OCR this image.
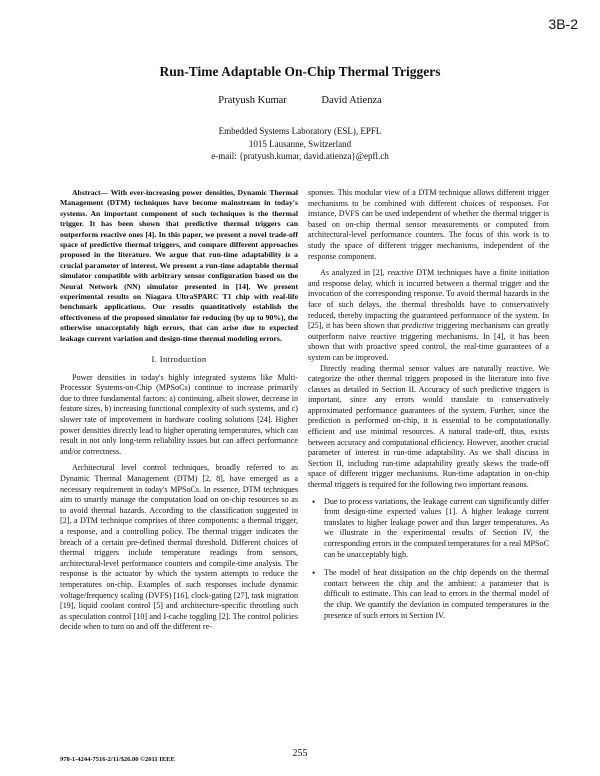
3B-2
Run-Time Adaptable On-Chip Thermal Triggers
Pratyush Kumar	David Atienza
Embedded Systems Laboratory (ESL), EPFL
1015 Lausanne, Switzerland
e-mail: {pratyush.kumar, david.atienza}@epfl.ch

Abstract— With ever-increasing power densities, Dynamic Thermal Management (DTM) techniques have become mainstream in today's systems. An important component of such techniques is the thermal trigger. It has been shown that predictive thermal triggers can outperform reactive ones [4]. In this paper, we present a novel trade-off space of predictive thermal triggers, and compare different approaches proposed in the literature. We argue that run-time adaptability is a crucial parameter of interest. We present a run-time adaptable thermal simulator compatible with arbitrary sensor configuration based on the Neural Network (NN) simulator presented in [14]. We present experimental results on Niagara UltraSPARC T1 chip with real-life benchmark applications. Our results quantitatively establish the effectiveness of the proposed simulator for reducing (by up to 90%), the otherwise unacceptably high errors, that can arise due to expected leakage current variation and design-time thermal modeling errors.

I. Introduction

Power densities in today's highly integrated systems like Multi-Processor Systems-on-Chip (MPSoCs) continue to increase primarily due to three fundamental factors: a) continuing, albeit slower, decrease in feature sizes, b) increasing functional complexity of such systems, and c) slower rate of improvement in hardware cooling solutions [24]. Higher power densities directly lead to higher operating temperatures, which can result in not only long-term reliability issues but can affect performance and/or correctness.

Architectural level control techniques, broadly referred to as Dynamic Thermal Management (DTM) [2, 8], have emerged as a necessary requirement in today's MPSoCs. In essence, DTM techniques aim to smartly manage the computation load on on-chip resources so as to avoid thermal hazards. According to the classification suggested in [2], a DTM technique comprises of three components: a thermal trigger, a response, and a controlling policy. The thermal trigger indicates the breach of a certain pre-defined thermal threshold. Different choices of thermal triggers include temperature readings from sensors, architectural-level performance counters and compile-time analysis. The response is the actuator by which the system attempts to reduce the temperatures on-chip. Examples of such responses include dynamic voltage/frequency scaling (DVFS) [16], clock-gating [27], task migration [19], liquid coolant control [5] and architecture-specific throttling such as speculation control [10] and I-cache toggling [2]. The control policies decide when to turn on and off the different re-

sponses. This modular view of a DTM technique allows different trigger mechanisms to be combined with different choices of responses. For instance, DVFS can be used independent of whether the thermal trigger is based on on-chip thermal sensor measurements or computed from architectural-level performance counters. The focus of this work is to study the space of different trigger mechanisms, independent of the response component.

As analyzed in [2], reactive DTM techniques have a finite initiation and response delay, which is incurred between a thermal trigger and the invocation of the corresponding response. To avoid thermal hazards in the face of such delays, the thermal thresholds have to conservatively reduced, thereby impacting the guaranteed performance of the system. In [25], it has been shown that predictive triggering mechanisms can greatly outperform naive reactive triggering mechanisms. In [4], it has been shown that with proactive speed control, the real-time guarantees of a system can be improved.

Directly reading thermal sensor values are naturally reactive. We categorize the other thermal triggers proposed in the literature into five classes as detailed in Section II. Accuracy of such predictive triggers is important, since any errors would translate to conservatively approximated performance guarantees of the system. Further, since the prediction is performed on-chip, it is essential to be computationally efficient and use minimal resources. A natural trade-off, thus, exists between accuracy and computational efficiency. However, another crucial parameter of interest in run-time adaptability. As we shall discuss in Section II, including run-time adaptability greatly skews the trade-off space of different trigger mechanisms. Run-time adaptation in on-chip thermal triggers is required for the following two important reasons.

• Due to process variations, the leakage current can significantly differ from design-time expected values [1]. A higher leakage current translates to higher leakage power and thus larger temperatures. As we illustrate in the experimental results of Section IV, the corresponding errors in the computed temperatures for a real MPSoC can be unacceptably high.
• The model of heat dissipation on the chip depends on the thermal contact between the chip and the ambient: a parameter that is difficult to estimate. This can lead to errors in the thermal model of the chip. We quantify the deviation in computed temperatures in the presence of such errors in Section IV.
978-1-4244-7516-2/11/$26.00 ©2011 IEEE
255
